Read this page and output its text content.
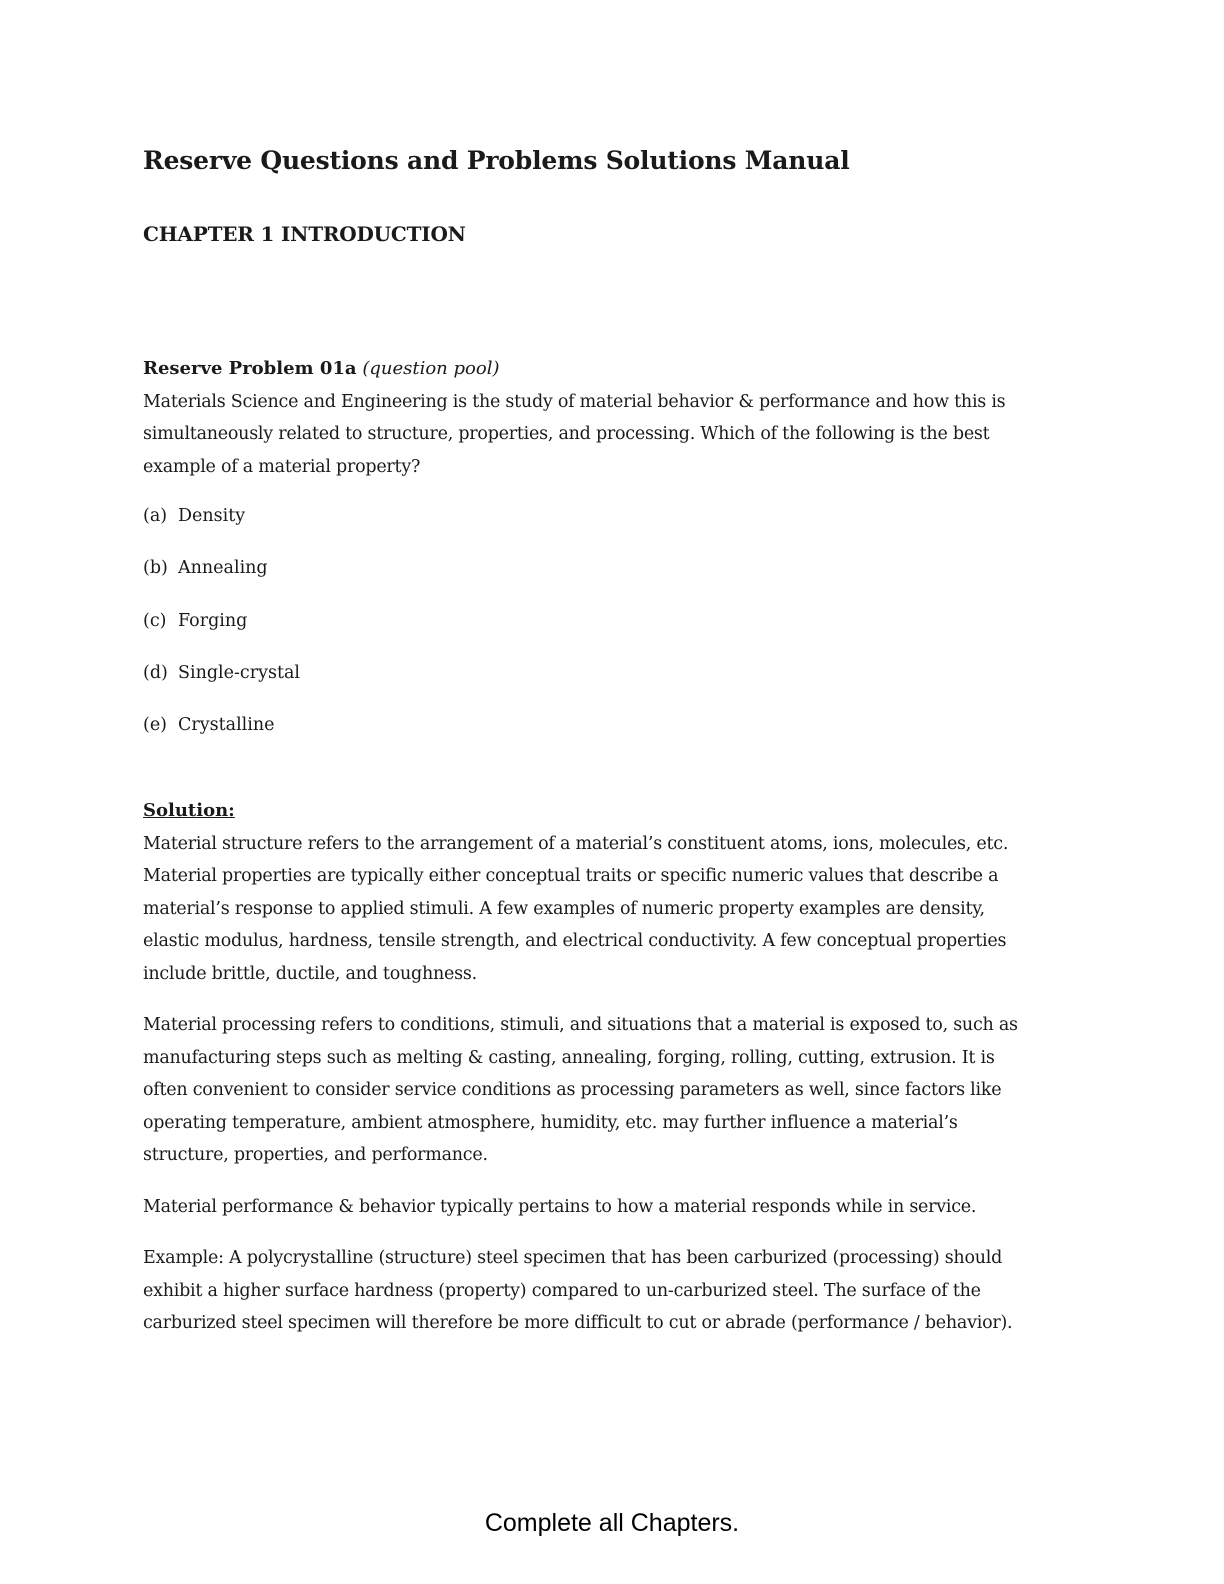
Reserve Questions and Problems Solutions Manual
CHAPTER 1 INTRODUCTION

Reserve Problem 01a (question pool)

Materials Science and Engineering is the study of material behavior & performance and how this is

simultaneously related to structure, properties, and processing. Which of the following is the best

example of a material property?

(a) Density
(b) Annealing
(c) Forging
(d) Single-crystal
(e) Crystalline

Solution:

Material structure refers to the arrangement of a material’s constituent atoms, ions, molecules, etc.
Material properties are typically either conceptual traits or specific numeric values that describe a
material’s response to applied stimuli. A few examples of numeric property examples are density,
elastic modulus, hardness, tensile strength, and electrical conductivity. A few conceptual properties
include brittle, ductile, and toughness.
Material processing refers to conditions, stimuli, and situations that a material is exposed to, such as
manufacturing steps such as melting & casting, annealing, forging, rolling, cutting, extrusion. It is
often convenient to consider service conditions as processing parameters as well, since factors like
operating temperature, ambient atmosphere, humidity, etc. may further influence a material’s
structure, properties, and performance.
Material performance & behavior typically pertains to how a material responds while in service.
Example: A polycrystalline (structure) steel specimen that has been carburized (processing) should
exhibit a higher surface hardness (property) compared to un-carburized steel. The surface of the
carburized steel specimen will therefore be more difficult to cut or abrade (performance / behavior).

Complete all Chapters.
